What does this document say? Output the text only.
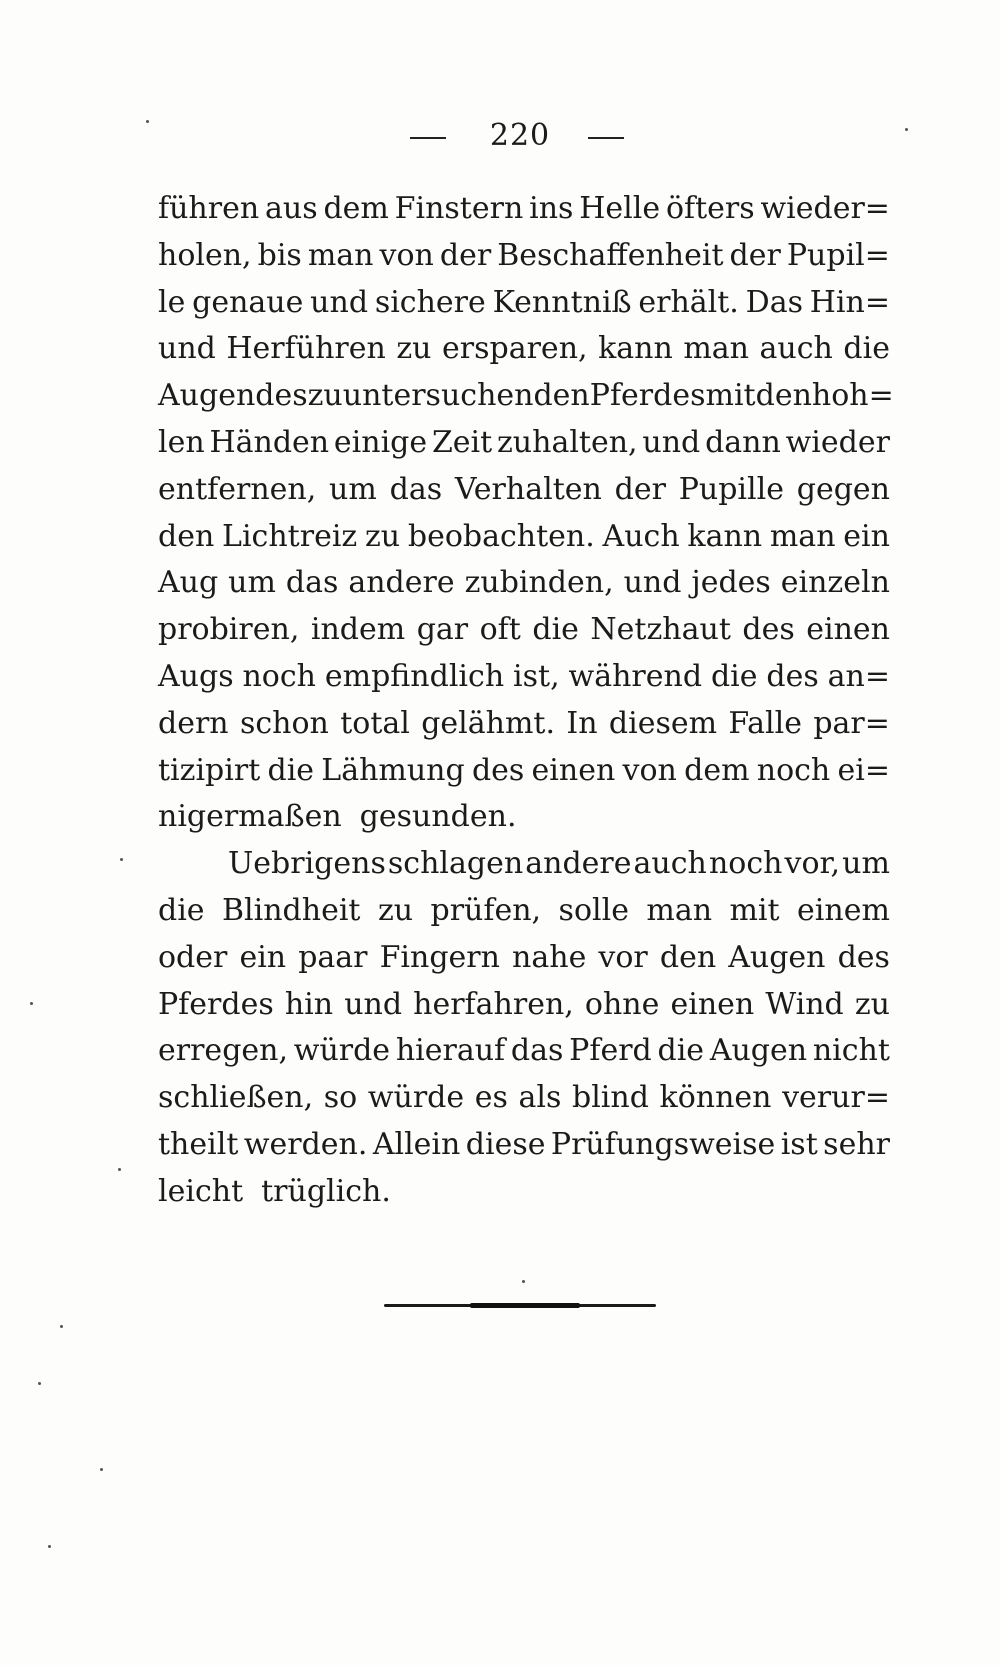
220
führen aus dem Finstern ins Helle öfters wieder=
holen, bis man von der Beschaffenheit der Pupil=
le genaue und sichere Kenntniß erhält. Das Hin=
und Herführen zu ersparen, kann man auch die
Augen des zu untersuchenden Pferdes mit den hoh=
len Händen einige Zeit zuhalten, und dann wieder
entfernen, um das Verhalten der Pupille gegen
den Lichtreiz zu beobachten. Auch kann man ein
Aug um das andere zubinden, und jedes einzeln
probiren, indem gar oft die Netzhaut des einen
Augs noch empfindlich ist, während die des an=
dern schon total gelähmt. In diesem Falle par=
tizipirt die Lähmung des einen von dem noch ei=
nigermaßen gesunden.
Uebrigens schlagen andere auch noch vor, um
die Blindheit zu prüfen, solle man mit einem
oder ein paar Fingern nahe vor den Augen des
Pferdes hin und herfahren, ohne einen Wind zu
erregen, würde hierauf das Pferd die Augen nicht
schließen, so würde es als blind können verur=
theilt werden. Allein diese Prüfungsweise ist sehr
leicht trüglich.
